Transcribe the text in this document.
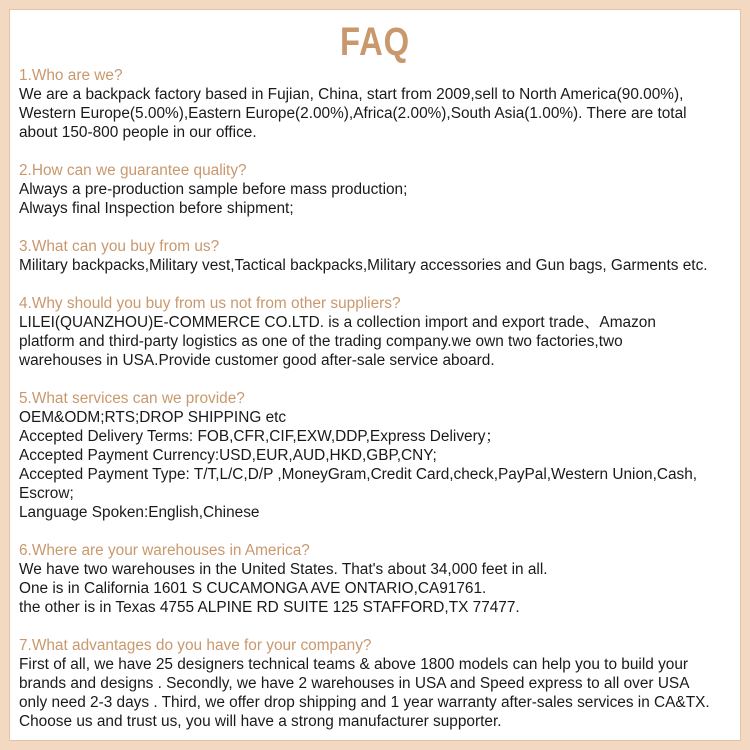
FAQ
1.Who are we?
We are a backpack factory based in Fujian, China, start from 2009,sell to North America(90.00%),
Western Europe(5.00%),Eastern Europe(2.00%),Africa(2.00%),South Asia(1.00%). There are total
about 150-800 people in our office.
2.How can we guarantee quality?
Always a pre-production sample before mass production;
Always final Inspection before shipment;
3.What can you buy from us?
Military backpacks,Military vest,Tactical backpacks,Military accessories and Gun bags, Garments etc.
4.Why should you buy from us not from other suppliers?
LILEI(QUANZHOU)E-COMMERCE CO.LTD. is a collection import and export trade、Amazon
platform and third-party logistics as one of the trading company.we own two factories,two
warehouses in USA.Provide customer good after-sale service aboard.
5.What services can we provide?
OEM&ODM;RTS;DROP SHIPPING etc
Accepted Delivery Terms: FOB,CFR,CIF,EXW,DDP,Express Delivery；
Accepted Payment Currency:USD,EUR,AUD,HKD,GBP,CNY;
Accepted Payment Type: T/T,L/C,D/P ,MoneyGram,Credit Card,check,PayPal,Western Union,Cash,
Escrow;
Language Spoken:English,Chinese
6.Where are your warehouses in America?
We have two warehouses in the United States. That's about 34,000 feet in all.
One is in California 1601 S CUCAMONGA AVE ONTARIO,CA91761.
the other is in Texas 4755 ALPINE RD SUITE 125 STAFFORD,TX 77477.
7.What advantages do you have for your company?
First of all, we have 25 designers technical teams & above 1800 models can help you to build your
brands and designs . Secondly, we have 2 warehouses in USA and Speed express to all over USA
only need 2-3 days . Third, we offer drop shipping and 1 year warranty after-sales services in CA&TX.
Choose us and trust us, you will have a strong manufacturer supporter.
